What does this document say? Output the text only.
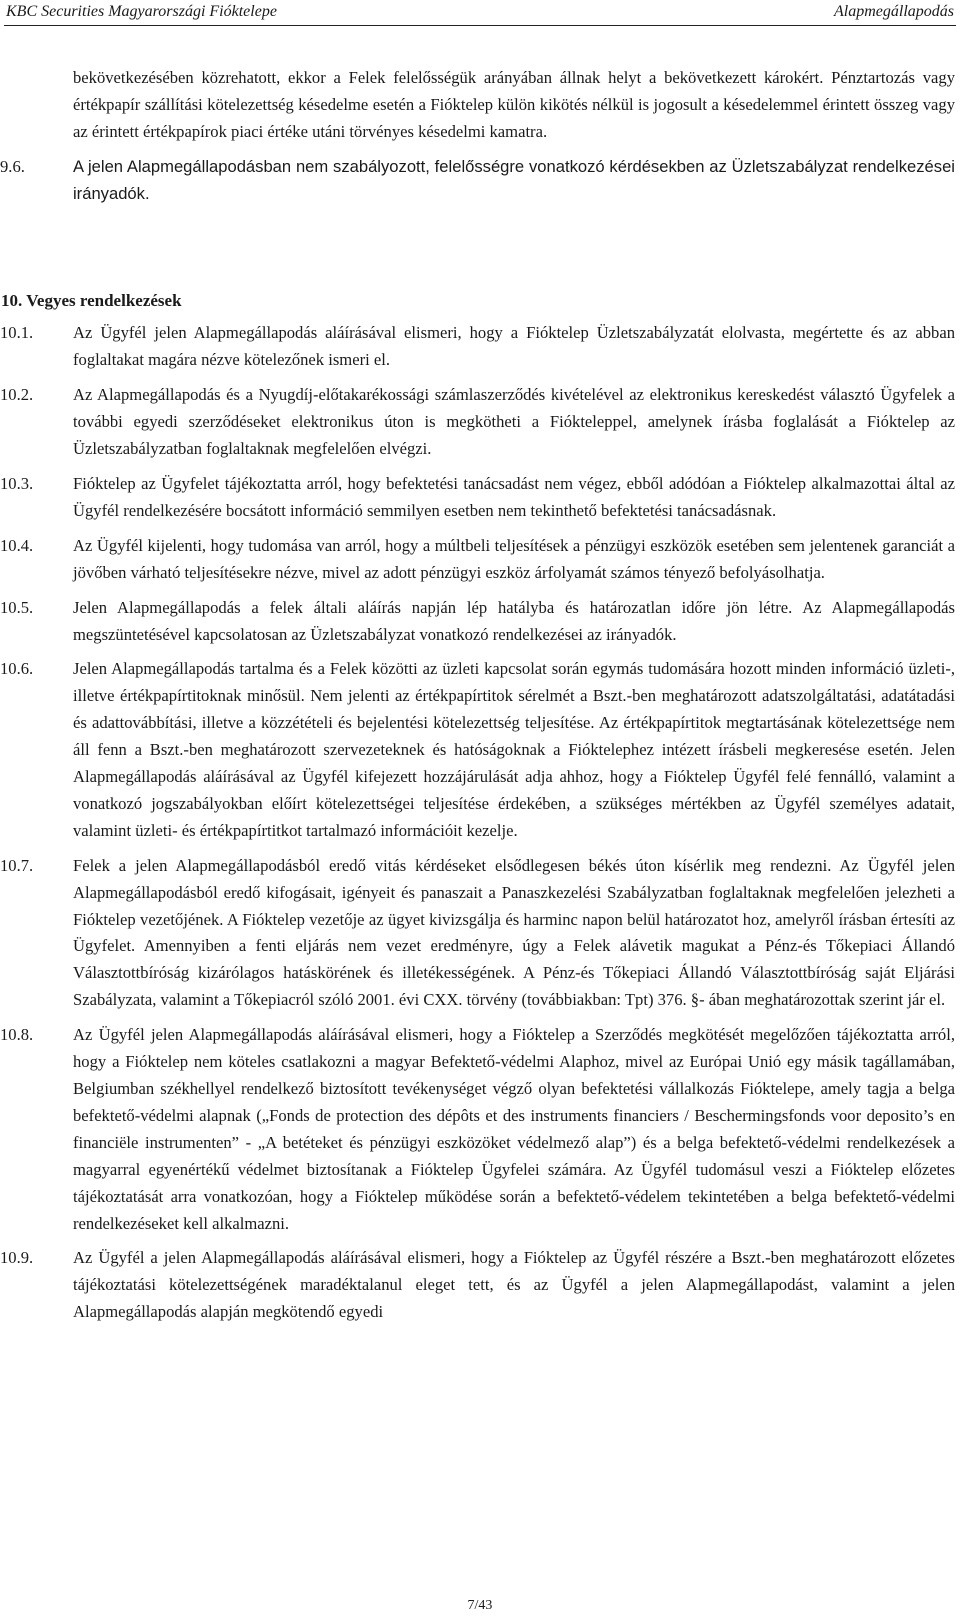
KBC Securities Magyarországi Fióktelepe	Alapmegállapodás

bekövetkezésében közrehatott, ekkor a Felek felelősségük arányában állnak helyt a bekövetkezett károkért. Pénztartozás vagy értékpapír szállítási kötelezettség késedelme esetén a Fióktelep külön kikötés nélkül is jogosult a késedelemmel érintett összeg vagy az érintett értékpapírok piaci értéke utáni törvényes késedelmi kamatra.

9.6.	A jelen Alapmegállapodásban nem szabályozott, felelősségre vonatkozó kérdésekben az Üzletszabályzat rendelkezései irányadók.
10. Vegyes rendelkezések
10.1.	Az Ügyfél jelen Alapmegállapodás aláírásával elismeri, hogy a Fióktelep Üzletszabályzatát elolvasta, megértette és az abban foglaltakat magára nézve kötelezőnek ismeri el.
10.2.	Az Alapmegállapodás és a Nyugdíj-előtakarékossági számlaszerződés kivételével az elektronikus kereskedést választó Ügyfelek a további egyedi szerződéseket elektronikus úton is megkötheti a Fiókteleppel, amelynek írásba foglalását a Fióktelep az Üzletszabályzatban foglaltaknak megfelelően elvégzi.
10.3.	Fióktelep az Ügyfelet tájékoztatta arról, hogy befektetési tanácsadást nem végez, ebből adódóan a Fióktelep alkalmazottai által az Ügyfél rendelkezésére bocsátott információ semmilyen esetben nem tekinthető befektetési tanácsadásnak.
10.4.	Az Ügyfél kijelenti, hogy tudomása van arról, hogy a múltbeli teljesítések a pénzügyi eszközök esetében sem jelentenek garanciát a jövőben várható teljesítésekre nézve, mivel az adott pénzügyi eszköz árfolyamát számos tényező befolyásolhatja.
10.5.	Jelen Alapmegállapodás a felek általi aláírás napján lép hatályba és határozatlan időre jön létre. Az Alapmegállapodás megszüntetésével kapcsolatosan az Üzletszabályzat vonatkozó rendelkezései az irányadók.
10.6.	Jelen Alapmegállapodás tartalma és a Felek közötti az üzleti kapcsolat során egymás tudomására hozott minden információ üzleti-, illetve értékpapírtitoknak minősül. Nem jelenti az értékpapírtitok sérelmét a Bszt.-ben meghatározott adatszolgáltatási, adatátadási és adattovábbítási, illetve a közzétételi és bejelentési kötelezettség teljesítése. Az értékpapírtitok megtartásának kötelezettsége nem áll fenn a Bszt.-ben meghatározott szervezeteknek és hatóságoknak a Fióktelephez intézett írásbeli megkeresése esetén. Jelen Alapmegállapodás aláírásával az Ügyfél kifejezett hozzájárulását adja ahhoz, hogy a Fióktelep Ügyfél felé fennálló, valamint a vonatkozó jogszabályokban előírt kötelezettségei teljesítése érdekében, a szükséges mértékben az Ügyfél személyes adatait, valamint üzleti- és értékpapírtitkot tartalmazó információit kezelje.
10.7.	Felek a jelen Alapmegállapodásból eredő vitás kérdéseket elsődlegesen békés úton kísérlik meg rendezni. Az Ügyfél jelen Alapmegállapodásból eredő kifogásait, igényeit és panaszait a Panaszkezelési Szabályzatban foglaltaknak megfelelően jelezheti a Fióktelep vezetőjének. A Fióktelep vezetője az ügyet kivizsgálja és harminc napon belül határozatot hoz, amelyről írásban értesíti az Ügyfelet. Amennyiben a fenti eljárás nem vezet eredményre, úgy a Felek alávetik magukat a Pénz-és Tőkepiaci Állandó Választottbíróság kizárólagos hatáskörének és illetékességének. A Pénz-és Tőkepiaci Állandó Választottbíróság saját Eljárási Szabályzata, valamint a Tőkepiacról szóló 2001. évi CXX. törvény (továbbiakban: Tpt) 376. §- ában meghatározottak szerint jár el.
10.8.	Az Ügyfél jelen Alapmegállapodás aláírásával elismeri, hogy a Fióktelep a Szerződés megkötését megelőzően tájékoztatta arról, hogy a Fióktelep nem köteles csatlakozni a magyar Befektető-védelmi Alaphoz, mivel az Európai Unió egy másik tagállamában, Belgiumban székhellyel rendelkező biztosított tevékenységet végző olyan befektetési vállalkozás Fióktelepe, amely tagja a belga befektető-védelmi alapnak („Fonds de protection des dépôts et des instruments financiers / Beschermingsfonds voor deposito’s en financiële instrumenten” - „A betéteket és pénzügyi eszközöket védelmező alap”) és a belga befektető-védelmi rendelkezések a magyarral egyenértékű védelmet biztosítanak a Fióktelep Ügyfelei számára. Az Ügyfél tudomásul veszi a Fióktelep előzetes tájékoztatását arra vonatkozóan, hogy a Fióktelep működése során a befektető-védelem tekintetében a belga befektető-védelmi rendelkezéseket kell alkalmazni.
10.9.	Az Ügyfél a jelen Alapmegállapodás aláírásával elismeri, hogy a Fióktelep az Ügyfél részére a Bszt.-ben meghatározott előzetes tájékoztatási kötelezettségének maradéktalanul eleget tett, és az Ügyfél a jelen Alapmegállapodást, valamint a jelen Alapmegállapodás alapján megkötendő egyedi
7/43
